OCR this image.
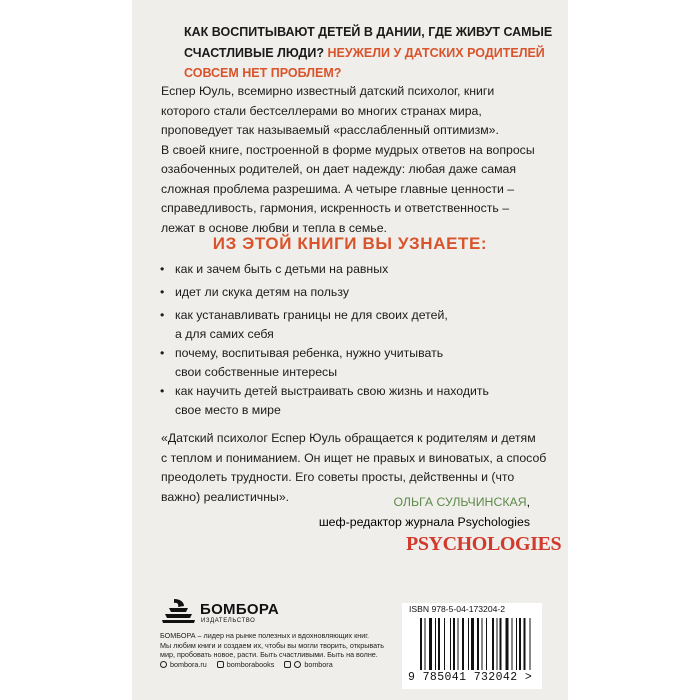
КАК ВОСПИТЫВАЮТ ДЕТЕЙ В ДАНИИ, ГДЕ ЖИВУТ САМЫЕ
СЧАСТЛИВЫЕ ЛЮДИ? НЕУЖЕЛИ У ДАТСКИХ РОДИТЕЛЕЙ
СОВСЕМ НЕТ ПРОБЛЕМ?
Еспер Юуль, всемирно известный датский психолог, книги
которого стали бестселлерами во многих странах мира,
проповедует так называемый «расслабленный оптимизм».
В своей книге, построенной в форме мудрых ответов на вопросы
озабоченных родителей, он дает надежду: любая даже самая
сложная проблема разрешима. А четыре главные ценности –
справедливость, гармония, искренность и ответственность –
лежат в основе любви и тепла в семье.
ИЗ ЭТОЙ КНИГИ ВЫ УЗНАЕТЕ:
• как и зачем быть с детьми на равных
• идет ли скука детям на пользу
• как устанавливать границы не для своих детей,
а для самих себя
• почему, воспитывая ребенка, нужно учитывать
свои собственные интересы
• как научить детей выстраивать свою жизнь и находить
свое место в мире
«Датский психолог Еспер Юуль обращается к родителям и детям
с теплом и пониманием. Он ищет не правых и виноватых, а способ
преодолеть трудности. Его советы просты, действенны и (что
важно) реалистичны».	ОЛЬГА СУЛЬЧИНСКАЯ,
шеф-редактор журнала Psychologies
PSYCHOLOGIES
БОМБОРА
ИЗДАТЕЛЬСТВО
БОМБОРА – лидер на рынке полезных и вдохновляющих книг.
Мы любим книги и создаем их, чтобы вы могли творить, открывать
мир, пробовать новое, расти. Быть счастливыми. Быть на волне.
bombora.ru	bomborabooks	bombora
ISBN 978-5-04-173204-2
9 785041 732042 >
